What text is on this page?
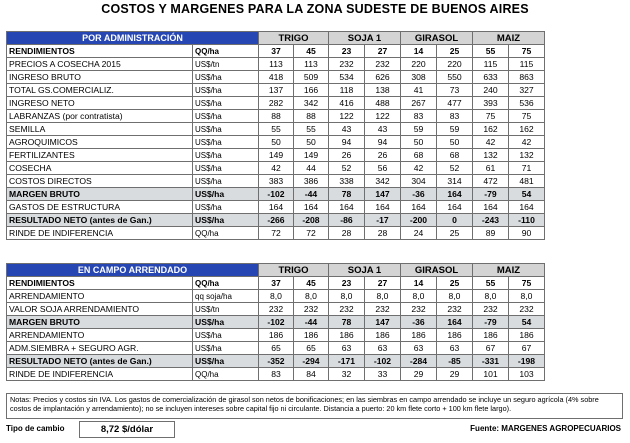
COSTOS Y MARGENES PARA LA ZONA SUDESTE DE BUENOS AIRES
POR ADMINISTRACIÓN		TRIGO		SOJA 1		GIRASOL		MAIZ	
RENDIMIENTOS	QQ/ha	37	45	23	27	14	25	55	75
PRECIOS A COSECHA 2015	US$/tn	113	113	232	232	220	220	115	115
INGRESO BRUTO	US$/ha	418	509	534	626	308	550	633	863
TOTAL GS.COMERCIALIZ.	US$/ha	137	166	118	138	41	73	240	327
INGRESO NETO	US$/ha	282	342	416	488	267	477	393	536
LABRANZAS (por contratista)	US$/ha	88	88	122	122	83	83	75	75
SEMILLA	US$/ha	55	55	43	43	59	59	162	162
AGROQUIMICOS	US$/ha	50	50	94	94	50	50	42	42
FERTILIZANTES	US$/ha	149	149	26	26	68	68	132	132
COSECHA	US$/ha	42	44	52	56	42	52	61	71
COSTOS DIRECTOS	US$/ha	383	386	338	342	304	314	472	481
MARGEN BRUTO	US$/ha	-102	-44	78	147	-36	164	-79	54
GASTOS DE ESTRUCTURA	US$/ha	164	164	164	164	164	164	164	164
RESULTADO NETO (antes de Gan.)	US$/ha	-266	-208	-86	-17	-200	0	-243	-110
RINDE DE INDIFERENCIA	QQ/ha	72	72	28	28	24	25	89	90
EN CAMPO ARRENDADO		TRIGO		SOJA 1		GIRASOL		MAIZ	
RENDIMIENTOS	QQ/ha	37	45	23	27	14	25	55	75
ARRENDAMIENTO	qq soja/ha	8,0	8,0	8,0	8,0	8,0	8,0	8,0	8,0
VALOR SOJA ARRENDAMIENTO	US$/tn	232	232	232	232	232	232	232	232
MARGEN BRUTO	US$/ha	-102	-44	78	147	-36	164	-79	54
ARRENDAMIENTO	US$/ha	186	186	186	186	186	186	186	186
ADM.SIEMBRA + SEGURO AGR.	US$/ha	65	65	63	63	63	63	67	67
RESULTADO NETO (antes de Gan.)	US$/ha	-352	-294	-171	-102	-284	-85	-331	-198
RINDE DE INDIFERENCIA	QQ/ha	83	84	32	33	29	29	101	103
Notas: Precios y costos sin IVA. Los gastos de comercialización de girasol son netos de bonificaciones; en las siembras en campo arrendado se incluye un seguro agrícola (4% sobre costos de implantación y arrendamiento); no se incluyen intereses sobre capital fijo ni circulante. Distancia a puerto: 20 km flete corto + 100 km flete largo).
Tipo de cambio	8,72 $/dólar	Fuente: MARGENES AGROPECUARIOS
